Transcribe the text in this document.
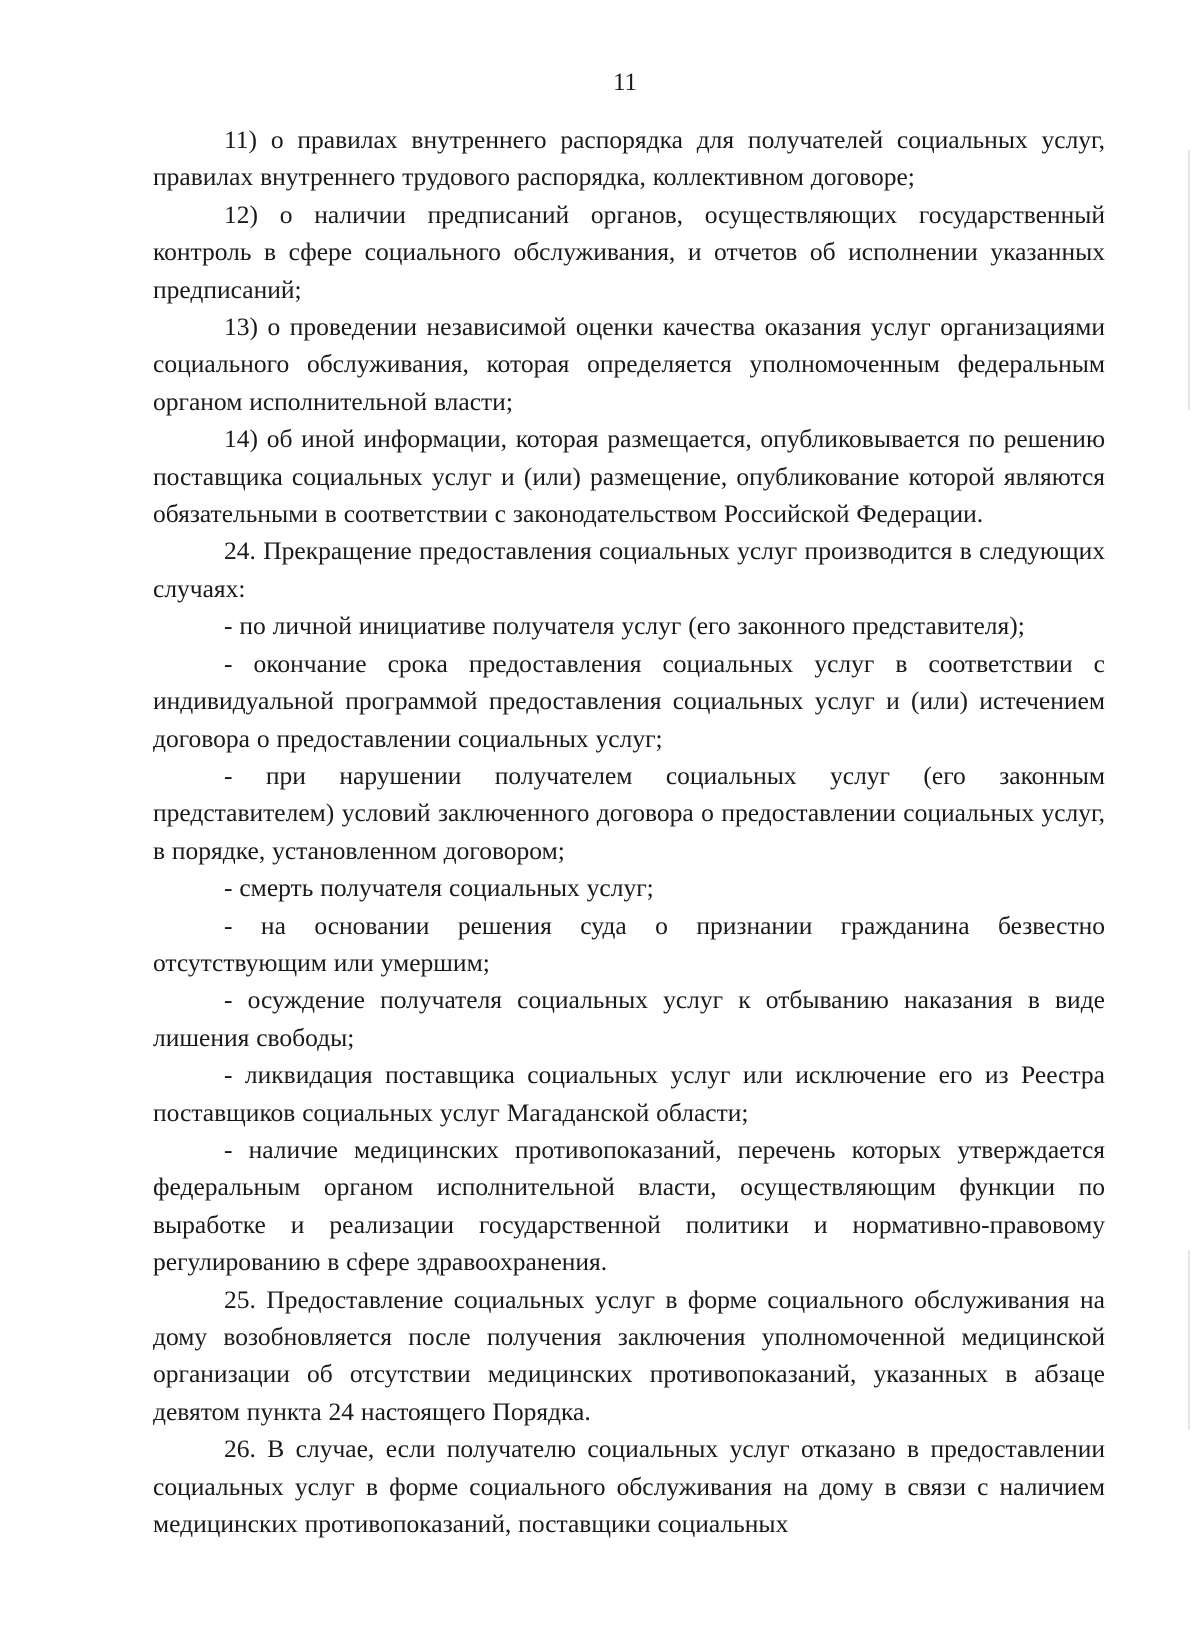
11

11) о правилах внутреннего распорядка для получателей социальных услуг, правилах внутреннего трудового распорядка, коллективном договоре;

12) о наличии предписаний органов, осуществляющих государственный контроль в сфере социального обслуживания, и отчетов об исполнении указанных предписаний;

13) о проведении независимой оценки качества оказания услуг организациями социального обслуживания, которая определяется уполномоченным федеральным органом исполнительной власти;

14) об иной информации, которая размещается, опубликовывается по решению поставщика социальных услуг и (или) размещение, опубликование которой являются обязательными в соответствии с законодательством Российской Федерации.

24. Прекращение предоставления социальных услуг производится в следующих случаях:

- по личной инициативе получателя услуг (его законного представителя);

- окончание срока предоставления социальных услуг в соответствии с индивидуальной программой предоставления социальных услуг и (или) истечением договора о предоставлении социальных услуг;

- при нарушении получателем социальных услуг (его законным представителем) условий заключенного договора о предоставлении социальных услуг, в порядке, установленном договором;

- смерть получателя социальных услуг;

- на основании решения суда о признании гражданина безвестно отсутствующим или умершим;

- осуждение получателя социальных услуг к отбыванию наказания в виде лишения свободы;

- ликвидация поставщика социальных услуг или исключение его из Реестра поставщиков социальных услуг Магаданской области;

- наличие медицинских противопоказаний, перечень которых утверждается федеральным органом исполнительной власти, осуществляющим функции по выработке и реализации государственной политики и нормативно-правовому регулированию в сфере здравоохранения.

25. Предоставление социальных услуг в форме социального обслуживания на дому возобновляется после получения заключения уполномоченной медицинской организации об отсутствии медицинских противопоказаний, указанных в абзаце девятом пункта 24 настоящего Порядка.

26. В случае, если получателю социальных услуг отказано в предоставлении социальных услуг в форме социального обслуживания на дому в связи с наличием медицинских противопоказаний, поставщики социальных
